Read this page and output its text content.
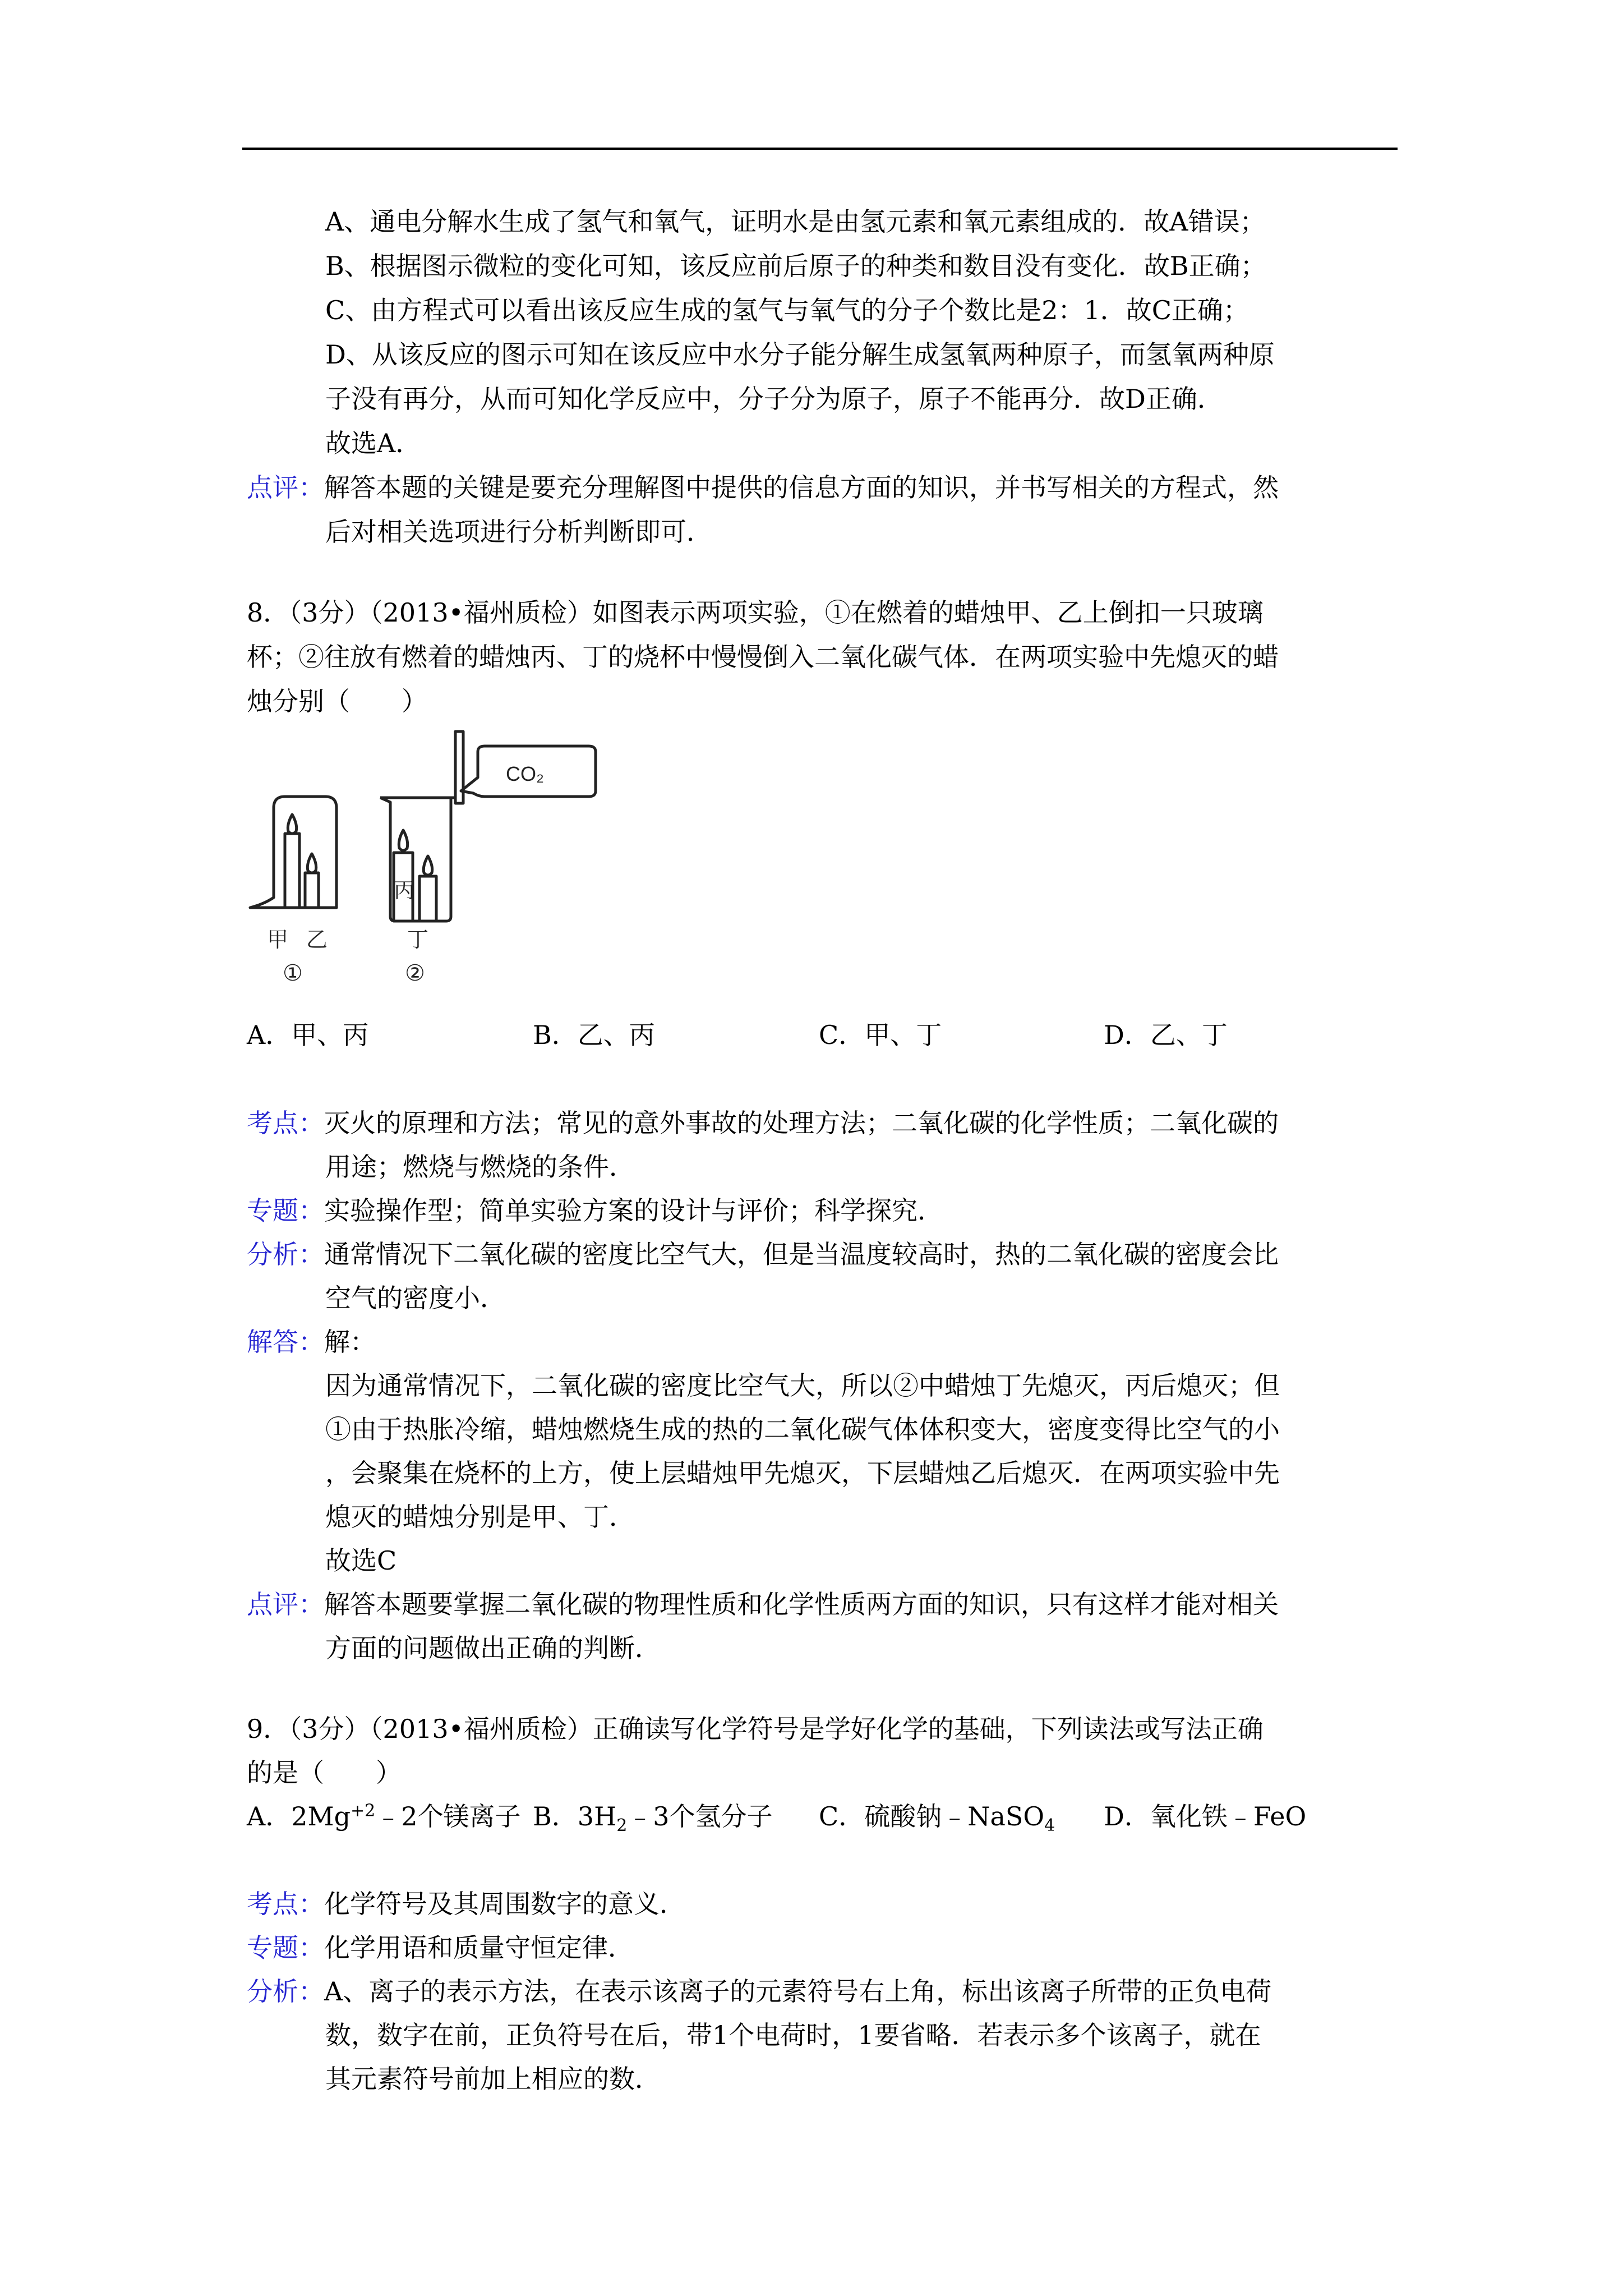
A、通电分解水生成了氢气和氧气，证明水是由氢元素和氧元素组成的．故A错误；
B、根据图示微粒的变化可知，该反应前后原子的种类和数目没有变化．故B正确；
C、由方程式可以看出该反应生成的氢气与氧气的分子个数比是2：1．故C正确；
D、从该反应的图示可知在该反应中水分子能分解生成氢氧两种原子，而氢氧两种原
子没有再分，从而可知化学反应中，分子分为原子，原子不能再分．故D正确．
故选A．
点评：解答本题的关键是要充分理解图中提供的信息方面的知识，并书写相关的方程式，然
后对相关选项进行分析判断即可．
8．（3分）（2013•福州质检）如图表示两项实验，①在燃着的蜡烛甲、乙上倒扣一只玻璃
杯；②往放有燃着的蜡烛丙、丁的烧杯中慢慢倒入二氧化碳气体．在两项实验中先熄灭的蜡
烛分别（　　）
CO₂
丙
甲 乙	丁
①	②
A．甲、丙	B．乙、丙	C．甲、丁	D．乙、丁
考点：灭火的原理和方法；常见的意外事故的处理方法；二氧化碳的化学性质；二氧化碳的
用途；燃烧与燃烧的条件．
专题：实验操作型；简单实验方案的设计与评价；科学探究．
分析：通常情况下二氧化碳的密度比空气大，但是当温度较高时，热的二氧化碳的密度会比
空气的密度小．
解答：解：
因为通常情况下，二氧化碳的密度比空气大，所以②中蜡烛丁先熄灭，丙后熄灭；但
①由于热胀冷缩，蜡烛燃烧生成的热的二氧化碳气体体积变大，密度变得比空气的小
，会聚集在烧杯的上方，使上层蜡烛甲先熄灭，下层蜡烛乙后熄灭．在两项实验中先
熄灭的蜡烛分别是甲、丁．
故选C
点评：解答本题要掌握二氧化碳的物理性质和化学性质两方面的知识，只有这样才能对相关
方面的问题做出正确的判断．
9．（3分）（2013•福州质检）正确读写化学符号是学好化学的基础，下列读法或写法正确
的是（　　）
A．$2Mg^{+2}﹣2$个镁离子 B．$3H_2﹣3$个氢分子 C．硫酸钠﹣NaSO$_4$ D．氧化铁﹣FeO
考点：化学符号及其周围数字的意义．
专题：化学用语和质量守恒定律．
分析：A、离子的表示方法，在表示该离子的元素符号右上角，标出该离子所带的正负电荷
数，数字在前，正负符号在后，带1个电荷时，1要省略．若表示多个该离子，就在
其元素符号前加上相应的数．
